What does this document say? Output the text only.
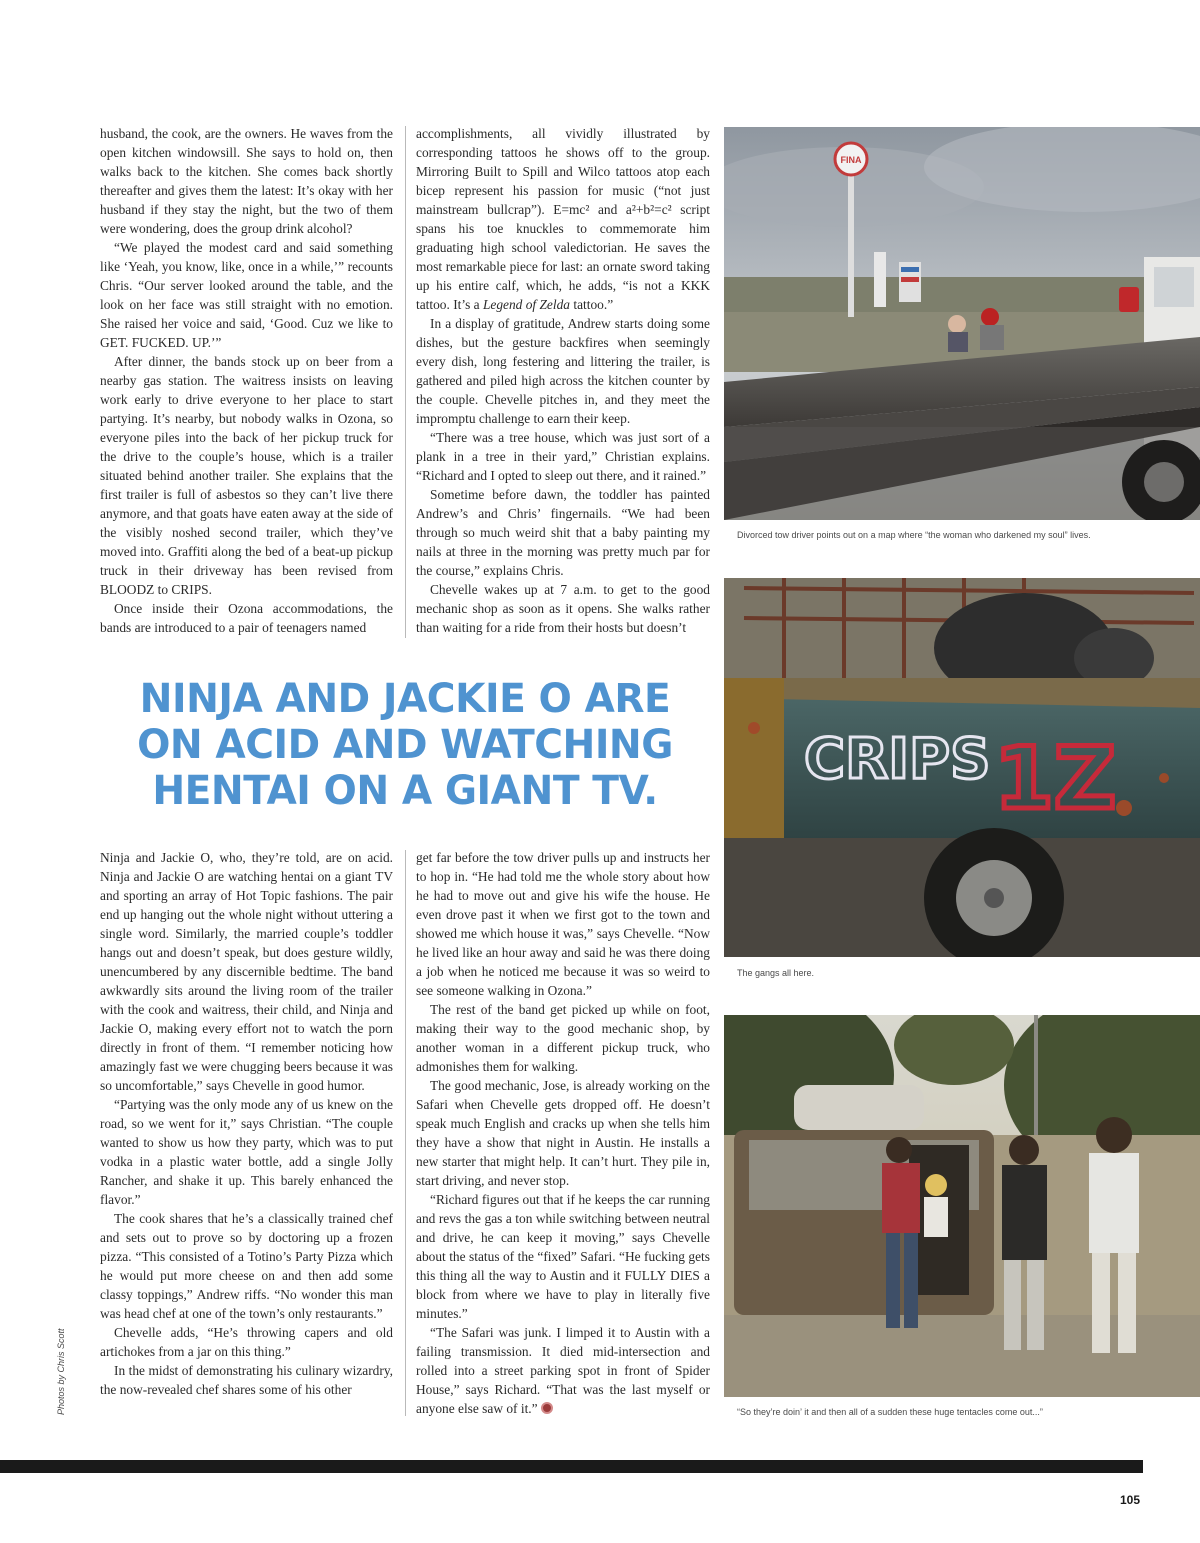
husband, the cook, are the owners. He waves from the open kitchen windowsill. She says to hold on, then walks back to the kitchen. She comes back shortly thereafter and gives them the latest: It’s okay with her husband if they stay the night, but the two of them were wondering, does the group drink alcohol?

“We played the modest card and said something like ‘Yeah, you know, like, once in a while,’” recounts Chris. “Our server looked around the table, and the look on her face was still straight with no emotion. She raised her voice and said, ‘Good. Cuz we like to GET. FUCKED. UP.’”

After dinner, the bands stock up on beer from a nearby gas station. The waitress insists on leaving work early to drive everyone to her place to start partying. It’s nearby, but nobody walks in Ozona, so everyone piles into the back of her pickup truck for the drive to the couple’s house, which is a trailer situated behind another trailer. She explains that the first trailer is full of asbestos so they can’t live there anymore, and that goats have eaten away at the side of the visibly noshed second trailer, which they’ve moved into. Graffiti along the bed of a beat-up pickup truck in their driveway has been revised from BLOODZ to CRIPS.

Once inside their Ozona accommodations, the bands are introduced to a pair of teenagers named

accomplishments, all vividly illustrated by corresponding tattoos he shows off to the group. Mirroring Built to Spill and Wilco tattoos atop each bicep represent his passion for music (“not just mainstream bullcrap”). E=mc² and a²+b²=c² script spans his toe knuckles to commemorate him graduating high school valedictorian. He saves the most remarkable piece for last: an ornate sword taking up his entire calf, which, he adds, “is not a KKK tattoo. It’s a Legend of Zelda tattoo.”

In a display of gratitude, Andrew starts doing some dishes, but the gesture backfires when seemingly every dish, long festering and littering the trailer, is gathered and piled high across the kitchen counter by the couple. Chevelle pitches in, and they meet the impromptu challenge to earn their keep.

“There was a tree house, which was just sort of a plank in a tree in their yard,” Christian explains. “Richard and I opted to sleep out there, and it rained.”

Sometime before dawn, the toddler has painted Andrew’s and Chris’ fingernails. “We had been through so much weird shit that a baby painting my nails at three in the morning was pretty much par for the course,” explains Chris.

Chevelle wakes up at 7 a.m. to get to the good mechanic shop as soon as it opens. She walks rather than waiting for a ride from their hosts but doesn’t

NINJA AND JACKIE O ARE ON ACID AND WATCHING HENTAI ON A GIANT TV.

Ninja and Jackie O, who, they’re told, are on acid. Ninja and Jackie O are watching hentai on a giant TV and sporting an array of Hot Topic fashions. The pair end up hanging out the whole night without uttering a single word. Similarly, the married couple’s toddler hangs out and doesn’t speak, but does gesture wildly, unencumbered by any discernible bedtime. The band awkwardly sits around the living room of the trailer with the cook and waitress, their child, and Ninja and Jackie O, making every effort not to watch the porn directly in front of them. “I remember noticing how amazingly fast we were chugging beers because it was so uncomfortable,” says Chevelle in good humor.

“Partying was the only mode any of us knew on the road, so we went for it,” says Christian. “The couple wanted to show us how they party, which was to put vodka in a plastic water bottle, add a single Jolly Rancher, and shake it up. This barely enhanced the flavor.”

The cook shares that he’s a classically trained chef and sets out to prove so by doctoring up a frozen pizza. “This consisted of a Totino’s Party Pizza which he would put more cheese on and then add some classy toppings,” Andrew riffs. “No wonder this man was head chef at one of the town’s only restaurants.”

Chevelle adds, “He’s throwing capers and old artichokes from a jar on this thing.”

In the midst of demonstrating his culinary wizardry, the now-revealed chef shares some of his other

get far before the tow driver pulls up and instructs her to hop in. “He had told me the whole story about how he had to move out and give his wife the house. He even drove past it when we first got to the town and showed me which house it was,” says Chevelle. “Now he lived like an hour away and said he was there doing a job when he noticed me because it was so weird to see someone walking in Ozona.”

The rest of the band get picked up while on foot, making their way to the good mechanic shop, by another woman in a different pickup truck, who admonishes them for walking.

The good mechanic, Jose, is already working on the Safari when Chevelle gets dropped off. He doesn’t speak much English and cracks up when she tells him they have a show that night in Austin. He installs a new starter that might help. It can’t hurt. They pile in, start driving, and never stop.

“Richard figures out that if he keeps the car running and revs the gas a ton while switching between neutral and drive, he can keep it moving,” says Chevelle about the status of the “fixed” Safari. “He fucking gets this thing all the way to Austin and it FULLY DIES a block from where we have to play in literally five minutes.”

“The Safari was junk. I limped it to Austin with a failing transmission. It died mid-intersection and rolled into a street parking spot in front of Spider House,” says Richard. “That was the last myself or anyone else saw of it.”

FINA
Divorced tow driver points out on a map where “the woman who darkened my soul” lives.
CRIPS 1Z
The gangs all here.
“So they’re doin’ it and then all of a sudden these huge tentacles come out...”
Photos by Chris Scott
105
